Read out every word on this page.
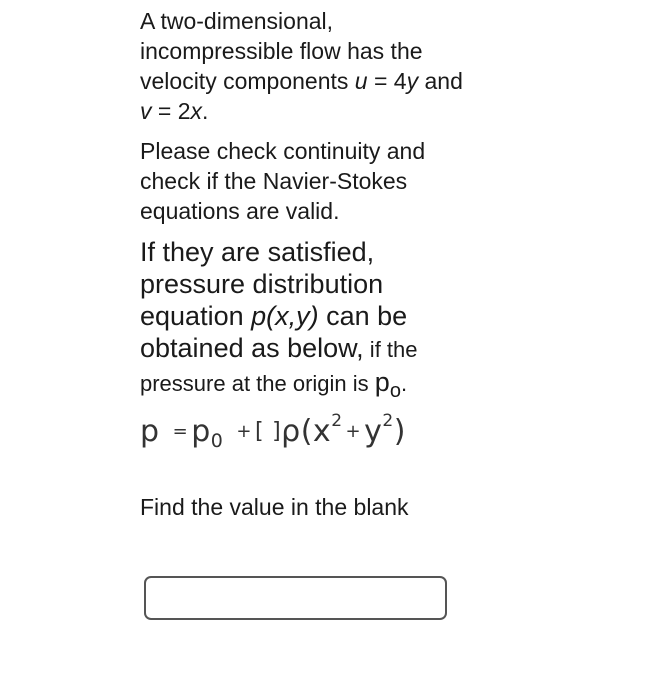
A two-dimensional, incompressible flow has the velocity components u = 4y and v = 2x.

Please check continuity and check if the Navier-Stokes equations are valid.

If they are satisfied, pressure distribution equation p(x,y) can be obtained as below, if the pressure at the origin is $p_o$.

$p = p_0$ + [ ]$\rho(x^2 + y^2)$
Find the value in the blank
